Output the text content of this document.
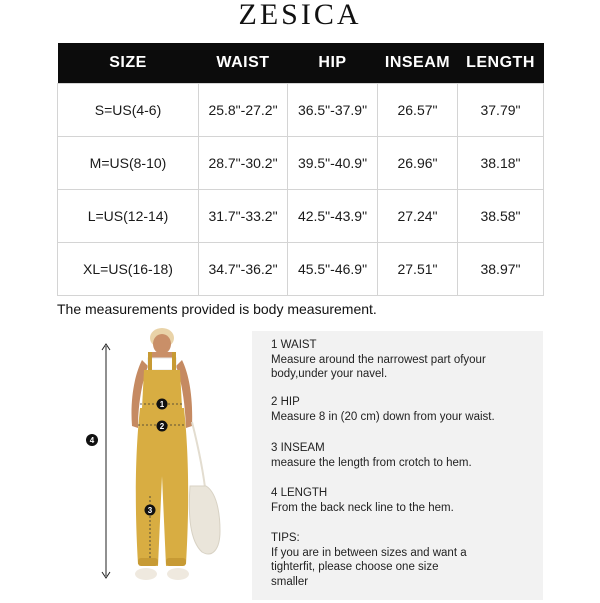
ZESICA
SIZE	WAIST	HIP	INSEAM	LENGTH
S=US(4-6)	25.8"-27.2"	36.5"-37.9"	26.57"	37.79"
M=US(8-10)	28.7"-30.2"	39.5"-40.9"	26.96"	38.18"
L=US(12-14)	31.7"-33.2"	42.5"-43.9"	27.24"	38.58"
XL=US(16-18)	34.7"-36.2"	45.5"-46.9"	27.51"	38.97"
The measurements provided is body measurement.
1
2
3
4

1 WAIST

Measure around the narrowest part ofyour

body,under your navel.

2 HIP

Measure 8 in (20 cm) down from your waist.

3 INSEAM

measure the length from crotch to hem.

4 LENGTH

From the back neck line to the hem.

TIPS:

If you are in between sizes and want a

tighterfit, please choose one size

smaller
